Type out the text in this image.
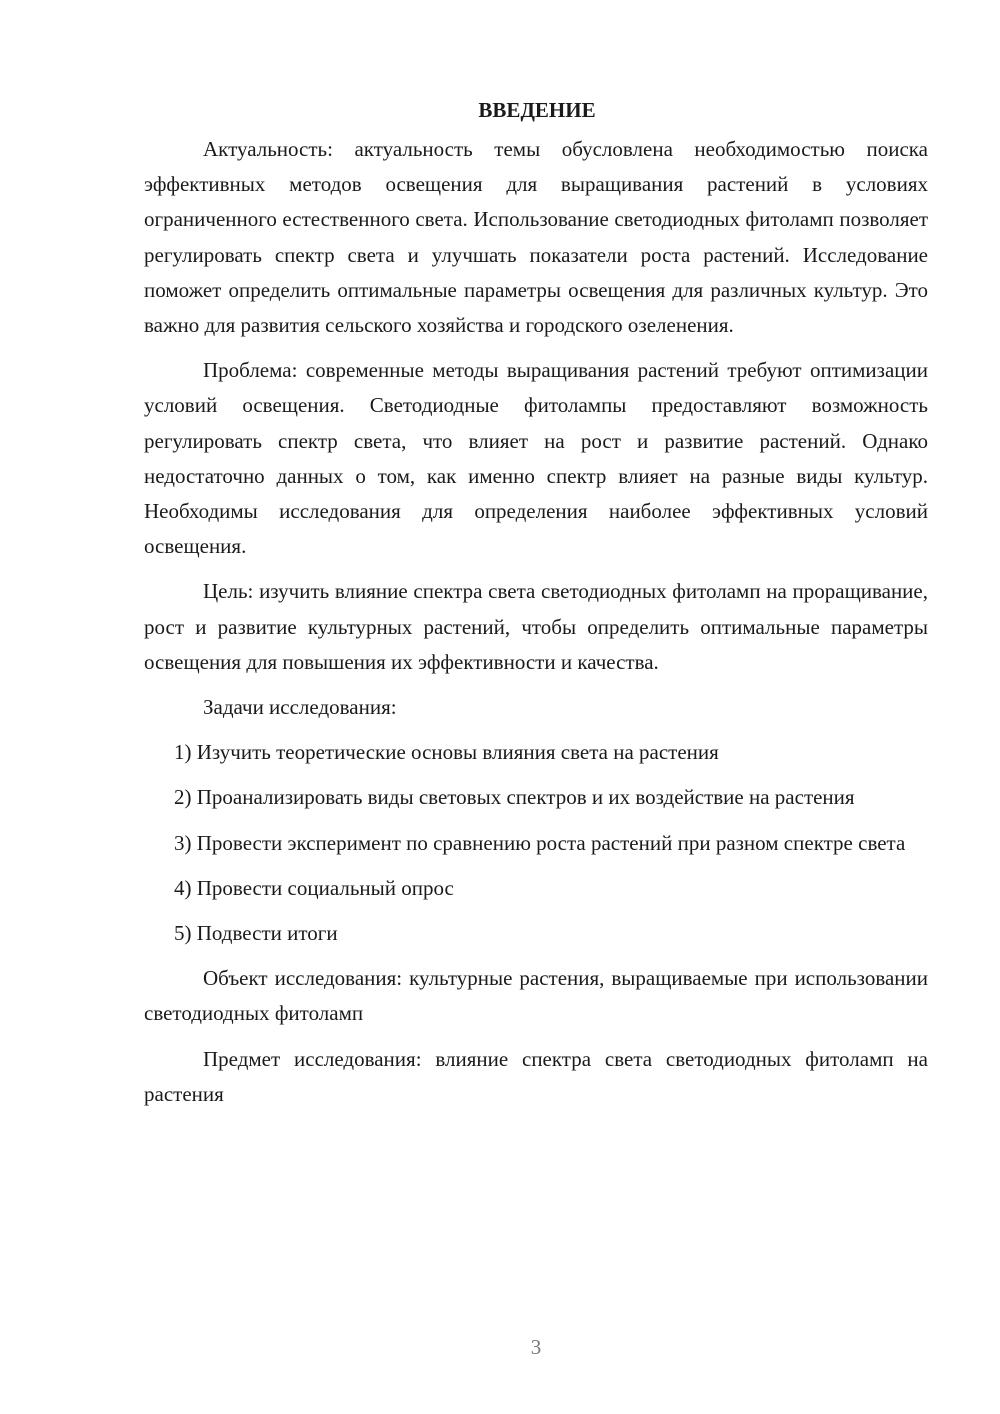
ВВЕДЕНИЕ

Актуальность: актуальность темы обусловлена необходимостью поиска эффективных методов освещения для выращивания растений в условиях ограниченного естественного света. Использование светодиодных фитоламп позволяет регулировать спектр света и улучшать показатели роста растений. Исследование поможет определить оптимальные параметры освещения для различных культур. Это важно для развития сельского хозяйства и городского озеленения.

Проблема: современные методы выращивания растений требуют оптимизации условий освещения. Светодиодные фитолампы предоставляют возможность регулировать спектр света, что влияет на рост и развитие растений. Однако недостаточно данных о том, как именно спектр влияет на разные виды культур. Необходимы исследования для определения наиболее эффективных условий освещения.

Цель: изучить влияние спектра света светодиодных фитоламп на проращивание, рост и развитие культурных растений, чтобы определить оптимальные параметры освещения для повышения их эффективности и качества.

Задачи исследования:

1) Изучить теоретические основы влияния света на растения

2) Проанализировать виды световых спектров и их воздействие на растения

3) Провести эксперимент по сравнению роста растений при разном спектре света

4) Провести социальный опрос

5) Подвести итоги

Объект исследования: культурные растения, выращиваемые при использовании светодиодных фитоламп

Предмет исследования: влияние спектра света светодиодных фитоламп на растения

3
